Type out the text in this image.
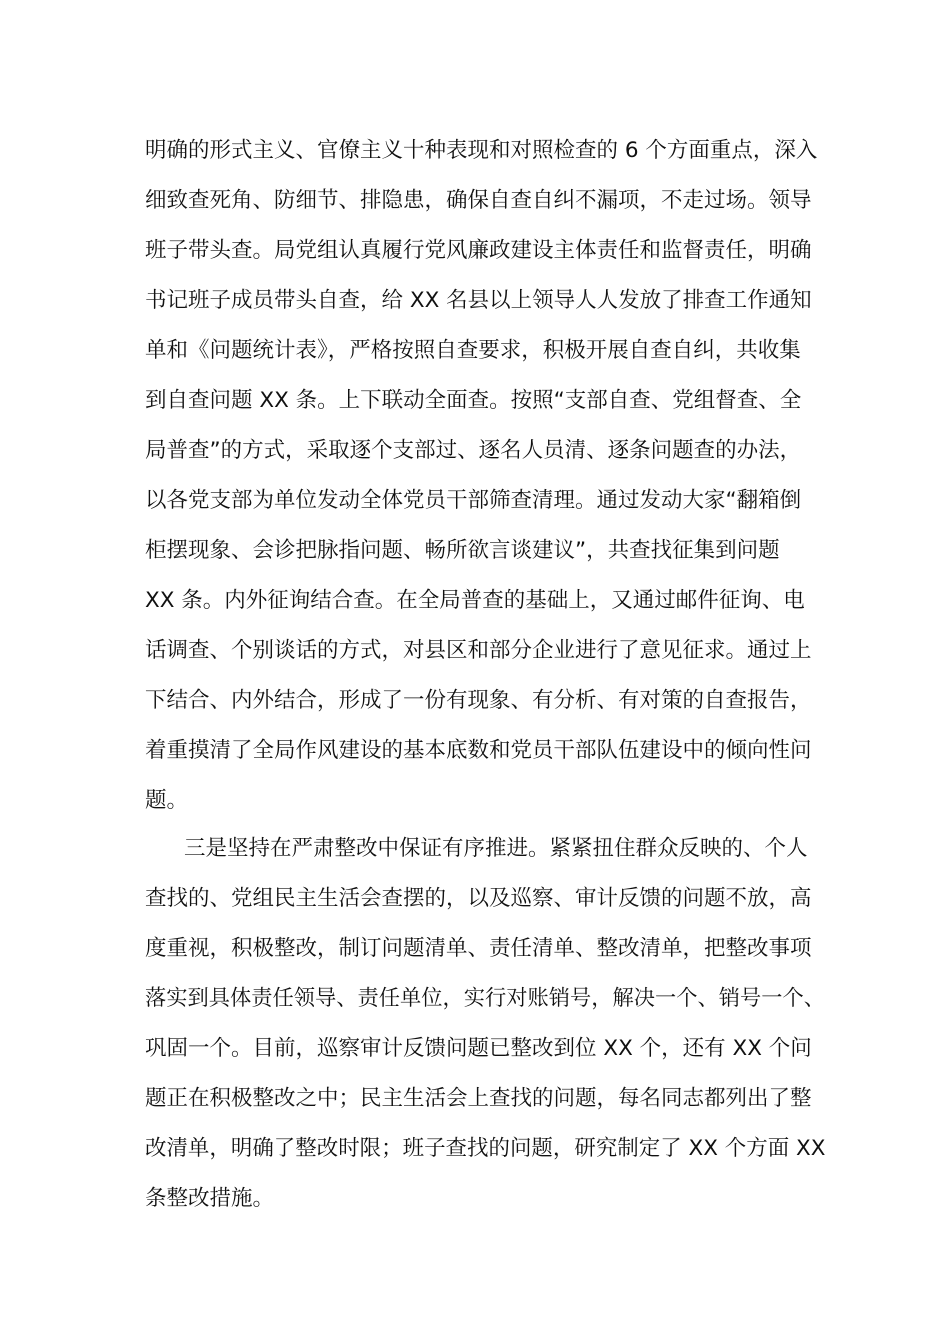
明确的形式主义、官僚主义十种表现和对照检查的 6 个方面重点，深入
细致查死角、防细节、排隐患，确保自查自纠不漏项，不走过场。领导
班子带头查。局党组认真履行党风廉政建设主体责任和监督责任，明确
书记班子成员带头自查，给 XX 名县以上领导人人发放了排查工作通知
单和《问题统计表》，严格按照自查要求，积极开展自查自纠，共收集
到自查问题 XX 条。上下联动全面查。按照“支部自查、党组督查、全
局普查”的方式，采取逐个支部过、逐名人员清、逐条问题查的办法，
以各党支部为单位发动全体党员干部筛查清理。通过发动大家“翻箱倒
柜摆现象、会诊把脉指问题、畅所欲言谈建议”，共查找征集到问题
XX 条。内外征询结合查。在全局普查的基础上，又通过邮件征询、电
话调查、个别谈话的方式，对县区和部分企业进行了意见征求。通过上
下结合、内外结合，形成了一份有现象、有分析、有对策的自查报告，
着重摸清了全局作风建设的基本底数和党员干部队伍建设中的倾向性问
题。
三是坚持在严肃整改中保证有序推进。紧紧扭住群众反映的、个人
查找的、党组民主生活会查摆的，以及巡察、审计反馈的问题不放，高
度重视，积极整改，制订问题清单、责任清单、整改清单，把整改事项
落实到具体责任领导、责任单位，实行对账销号，解决一个、销号一个、
巩固一个。目前，巡察审计反馈问题已整改到位 XX 个，还有 XX 个问
题正在积极整改之中；民主生活会上查找的问题，每名同志都列出了整
改清单，明确了整改时限；班子查找的问题，研究制定了 XX 个方面 XX
条整改措施。
